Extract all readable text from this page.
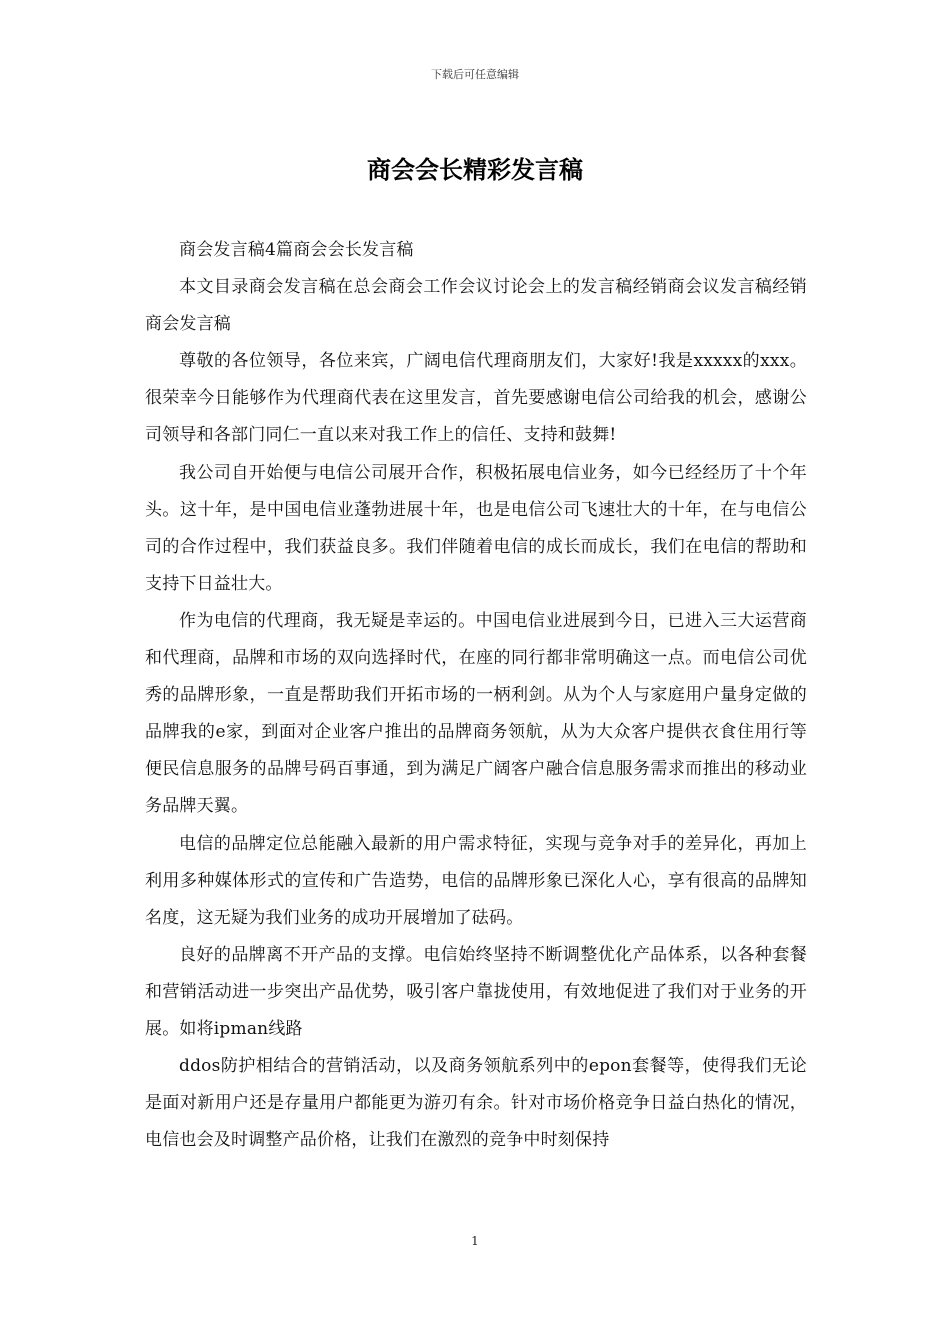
下载后可任意编辑
商会会长精彩发言稿

商会发言稿4篇商会会长发言稿

本文目录商会发言稿在总会商会工作会议讨论会上的发言稿经销商会议发言稿经销商会发言稿

尊敬的各位领导，各位来宾，广阔电信代理商朋友们，大家好!我是xxxxx的xxx。很荣幸今日能够作为代理商代表在这里发言，首先要感谢电信公司给我的机会，感谢公司领导和各部门同仁一直以来对我工作上的信任、支持和鼓舞!

我公司自开始便与电信公司展开合作，积极拓展电信业务，如今已经经历了十个年头。这十年，是中国电信业蓬勃进展十年，也是电信公司飞速壮大的十年，在与电信公司的合作过程中，我们获益良多。我们伴随着电信的成长而成长，我们在电信的帮助和支持下日益壮大。

作为电信的代理商，我无疑是幸运的。中国电信业进展到今日，已进入三大运营商和代理商，品牌和市场的双向选择时代，在座的同行都非常明确这一点。而电信公司优秀的品牌形象，一直是帮助我们开拓市场的一柄利剑。从为个人与家庭用户量身定做的品牌我的e家，到面对企业客户推出的品牌商务领航，从为大众客户提供衣食住用行等便民信息服务的品牌号码百事通，到为满足广阔客户融合信息服务需求而推出的移动业务品牌天翼。

电信的品牌定位总能融入最新的用户需求特征，实现与竞争对手的差异化，再加上利用多种媒体形式的宣传和广告造势，电信的品牌形象已深化人心，享有很高的品牌知名度，这无疑为我们业务的成功开展增加了砝码。

良好的品牌离不开产品的支撑。电信始终坚持不断调整优化产品体系，以各种套餐和营销活动进一步突出产品优势，吸引客户靠拢使用，有效地促进了我们对于业务的开展。如将ipman线路

ddos防护相结合的营销活动，以及商务领航系列中的epon套餐等，使得我们无论是面对新用户还是存量用户都能更为游刃有余。针对市场价格竞争日益白热化的情况，电信也会及时调整产品价格，让我们在激烈的竞争中时刻保持

1
